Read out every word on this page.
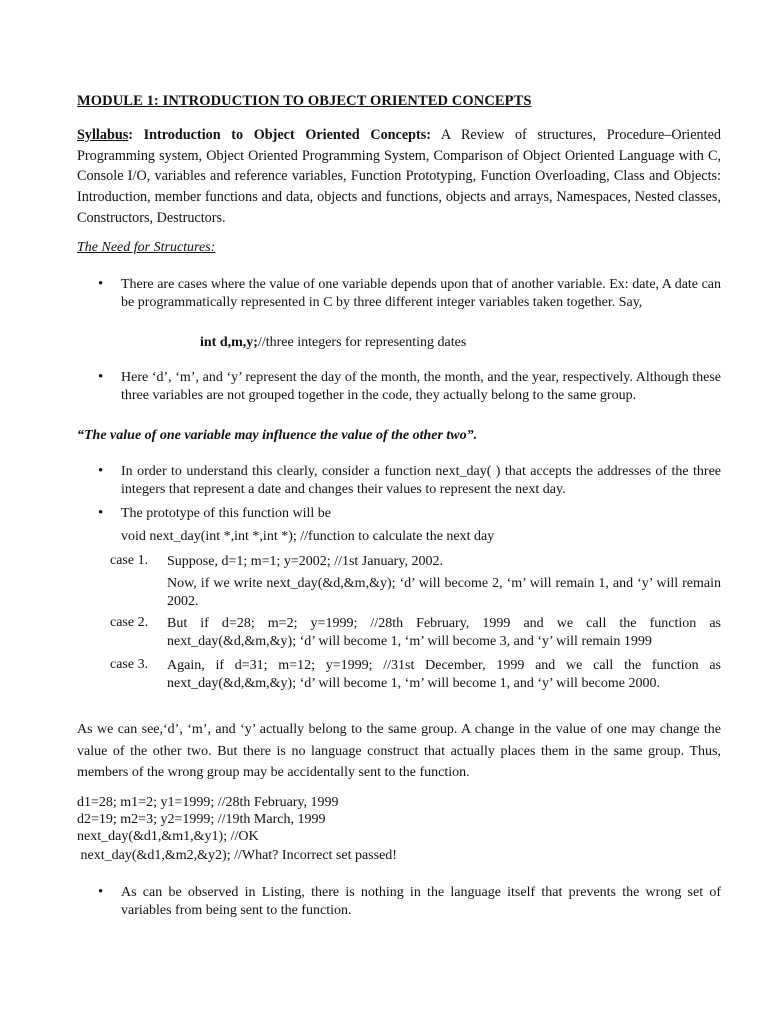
MODULE 1: INTRODUCTION TO OBJECT ORIENTED CONCEPTS
Syllabus: Introduction to Object Oriented Concepts: A Review of structures, Procedure–Oriented Programming system, Object Oriented Programming System, Comparison of Object Oriented Language with C, Console I/O, variables and reference variables, Function Prototyping, Function Overloading, Class and Objects: Introduction, member functions and data, objects and functions, objects and arrays, Namespaces, Nested classes, Constructors, Destructors.
The Need for Structures:
• There are cases where the value of one variable depends upon that of another variable. Ex: date, A date can be programmatically represented in C by three different integer variables taken together. Say,
int d,m,y;//three integers for representing dates
• Here ‘d’, ‘m’, and ‘y’ represent the day of the month, the month, and the year, respectively. Although these three variables are not grouped together in the code, they actually belong to the same group.
“The value of one variable may influence the value of the other two”.
• In order to understand this clearly, consider a function next_day( ) that accepts the addresses of the three integers that represent a date and changes their values to represent the next day.
• The prototype of this function will be
void next_day(int *,int *,int *); //function to calculate the next day
case 1. Suppose, d=1; m=1; y=2002; //1st January, 2002.
Now, if we write next_day(&d,&m,&y); ‘d’ will become 2, ‘m’ will remain 1, and ‘y’ will remain 2002.
case 2. But if d=28; m=2; y=1999; //28th February, 1999 and we call the function as next_day(&d,&m,&y); ‘d’ will become 1, ‘m’ will become 3, and ‘y’ will remain 1999
case 3. Again, if d=31; m=12; y=1999; //31st December, 1999 and we call the function as next_day(&d,&m,&y); ‘d’ will become 1, ‘m’ will become 1, and ‘y’ will become 2000.
As we can see,‘d’, ‘m’, and ‘y’ actually belong to the same group. A change in the value of one may change the value of the other two. But there is no language construct that actually places them in the same group. Thus, members of the wrong group may be accidentally sent to the function.
d1=28; m1=2; y1=1999; //28th February, 1999
d2=19; m2=3; y2=1999; //19th March, 1999
next_day(&d1,&m1,&y1); //OK
next_day(&d1,&m2,&y2); //What? Incorrect set passed!
• As can be observed in Listing, there is nothing in the language itself that prevents the wrong set of variables from being sent to the function.
